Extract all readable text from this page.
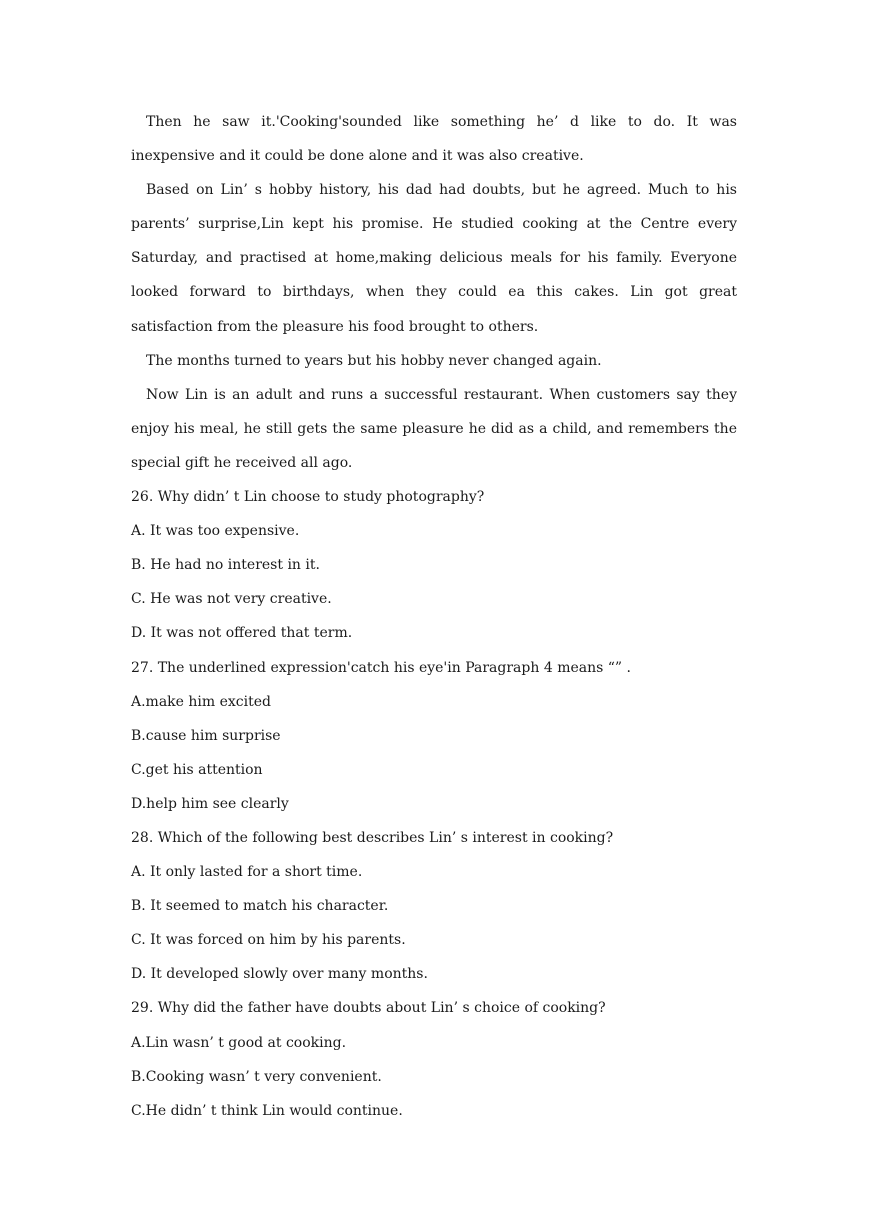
Then he saw it.'Cooking'sounded like something he’ d like to do. It was inexpensive and it could be done alone and it was also creative.

Based on Lin’ s hobby history, his dad had doubts, but he agreed. Much to his parents’ surprise,Lin kept his promise. He studied cooking at the Centre every Saturday, and practised at home,making delicious meals for his family. Everyone looked forward to birthdays, when they could ea this cakes. Lin got great satisfaction from the pleasure his food brought to others.

The months turned to years but his hobby never changed again.

Now Lin is an adult and runs a successful restaurant. When customers say they enjoy his meal, he still gets the same pleasure he did as a child, and remembers the special gift he received all ago.

26. Why didn’ t Lin choose to study photography?

A. It was too expensive.

B. He had no interest in it.

C. He was not very creative.

D. It was not offered that term.

27. The underlined expression'catch his eye'in Paragraph 4 means “” .

A.make him excited

B.cause him surprise

C.get his attention

D.help him see clearly

28. Which of the following best describes Lin’ s interest in cooking?

A. It only lasted for a short time.

B. It seemed to match his character.

C. It was forced on him by his parents.

D. It developed slowly over many months.

29. Why did the father have doubts about Lin’ s choice of cooking?

A.Lin wasn’ t good at cooking.

B.Cooking wasn’ t very convenient.

C.He didn’ t think Lin would continue.
